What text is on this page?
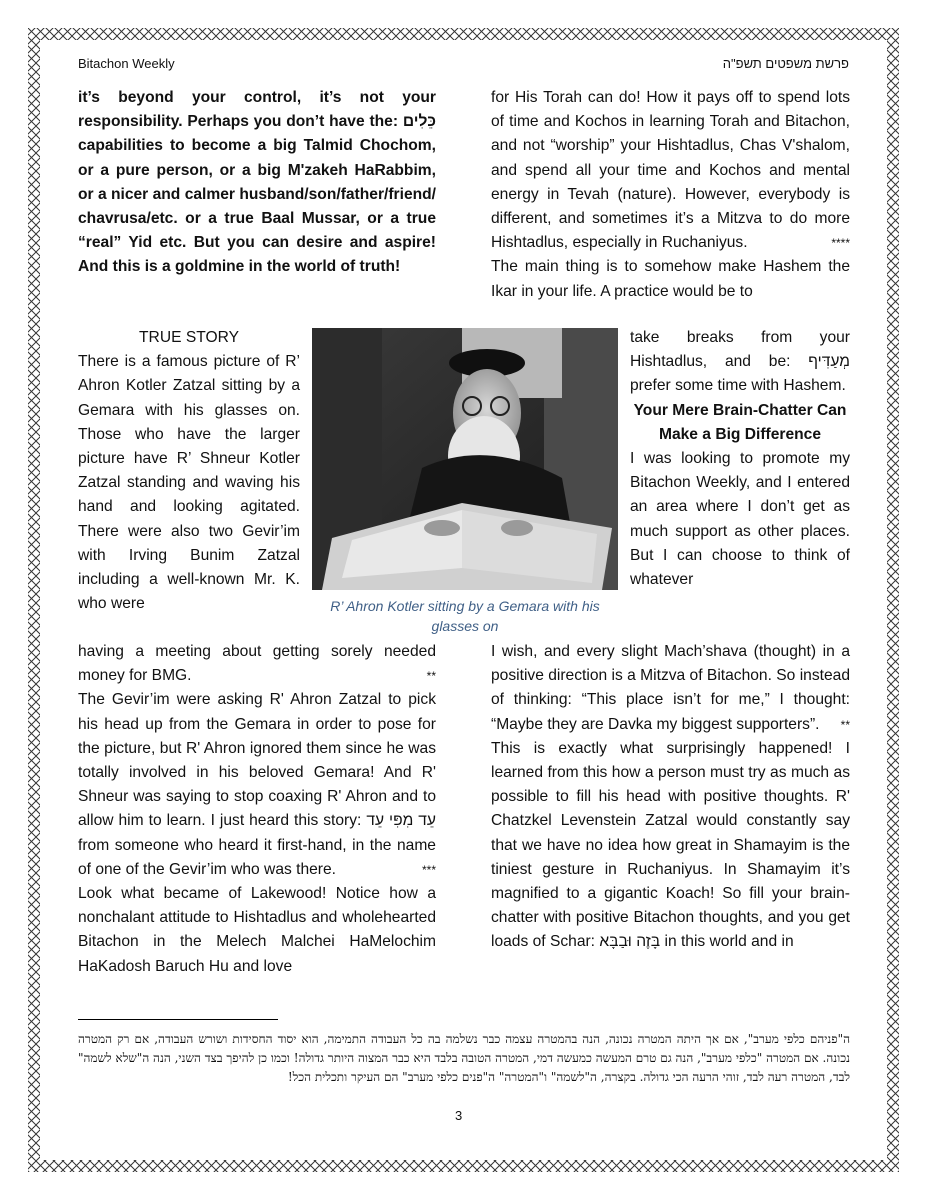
Bitachon Weekly	פרשת משפטים תשפ"ה

it’s beyond your control, it’s not your responsibility. Perhaps you don’t have the: כֵּלִים capabilities to become a big Talmid Chochom, or a pure person, or a big M'zakeh HaRabbim, or a nicer and calmer husband/son/father/friend/ chavrusa/etc. or a true Baal Mussar, or a true “real” Yid etc. But you can desire and aspire! And this is a goldmine in the world of truth!

TRUE STORY

There is a famous picture of R’ Ahron Kotler Zatzal sitting by a Gemara with his glasses on. Those who have the larger picture have R’ Shneur Kotler Zatzal standing and waving his hand and looking agitated. There were also two Gevir’im with Irving Bunim Zatzal including a well-known Mr. K. who were	R’ Ahron Kotler sitting by a Gemara with his glasses on

having a meeting about getting sorely needed money for BMG.	**

The Gevir’im were asking R' Ahron Zatzal to pick his head up from the Gemara in order to pose for the picture, but R' Ahron ignored them since he was totally involved in his beloved Gemara! And R' Shneur was saying to stop coaxing R' Ahron and to allow him to learn. I just heard this story: עֵד מִפִּי עֵד from someone who heard it first-hand, in the name of one of the Gevir’im who was there.	***

Look what became of Lakewood! Notice how a nonchalant attitude to Hishtadlus and wholehearted Bitachon in the Melech Malchei HaMelochim HaKadosh Baruch Hu and love

for His Torah can do! How it pays off to spend lots of time and Kochos in learning Torah and Bitachon, and not “worship” your Hishtadlus, Chas V'shalom, and spend all your time and Kochos and mental energy in Tevah (nature). However, everybody is different, and sometimes it’s a Mitzva to do more Hishtadlus, especially in Ruchaniyus.	****

The main thing is to somehow make Hashem the Ikar in your life. A practice would be to

take breaks from your Hishtadlus, and be: מְעַדִּיף prefer some time with Hashem.

Your Mere Brain-Chatter Can Make a Big Difference

I was looking to promote my Bitachon Weekly, and I entered an area where I don’t get as much support as other places. But I can choose to think of whatever

I wish, and every slight Mach’shava (thought) in a positive direction is a Mitzva of Bitachon. So instead of thinking: “This place isn’t for me,” I thought: “Maybe they are Davka my biggest supporters”. **

This is exactly what surprisingly happened! I learned from this how a person must try as much as possible to fill his head with positive thoughts. R' Chatzkel Levenstein Zatzal would constantly say that we have no idea how great in Shamayim is the tiniest gesture in Ruchaniyus. In Shamayim it’s magnified to a gigantic Koach! So fill your brain-chatter with positive Bitachon thoughts, and you get loads of Schar: בָּזֶה וּבַבָּא in this world and in

ה"פניהם כלפי מערב", אם אך היתה המטרה נכונה, הנה בהמטרה עצמה כבר נשלמה בה כל העבודה התמימה, הוא יסוד החסידות ושורש העבודה, אם רק המטרה נכונה. אם המטרה "כלפי מערב", הנה גם טרם המעשה כמעשה דמי, המטרה הטובה בלבד היא כבר המצוה היותר גדולה! וכמו כן להיפך בצד השני, הנה ה"שלא לשמה" לבד, המטרה רעה לבד, זוהי הרעה הכי גדולה. בקצרה, ה"לשמה" ו"המטרה" ה"פנים כלפי מערב" הם העיקר ותכלית הכל!
3
